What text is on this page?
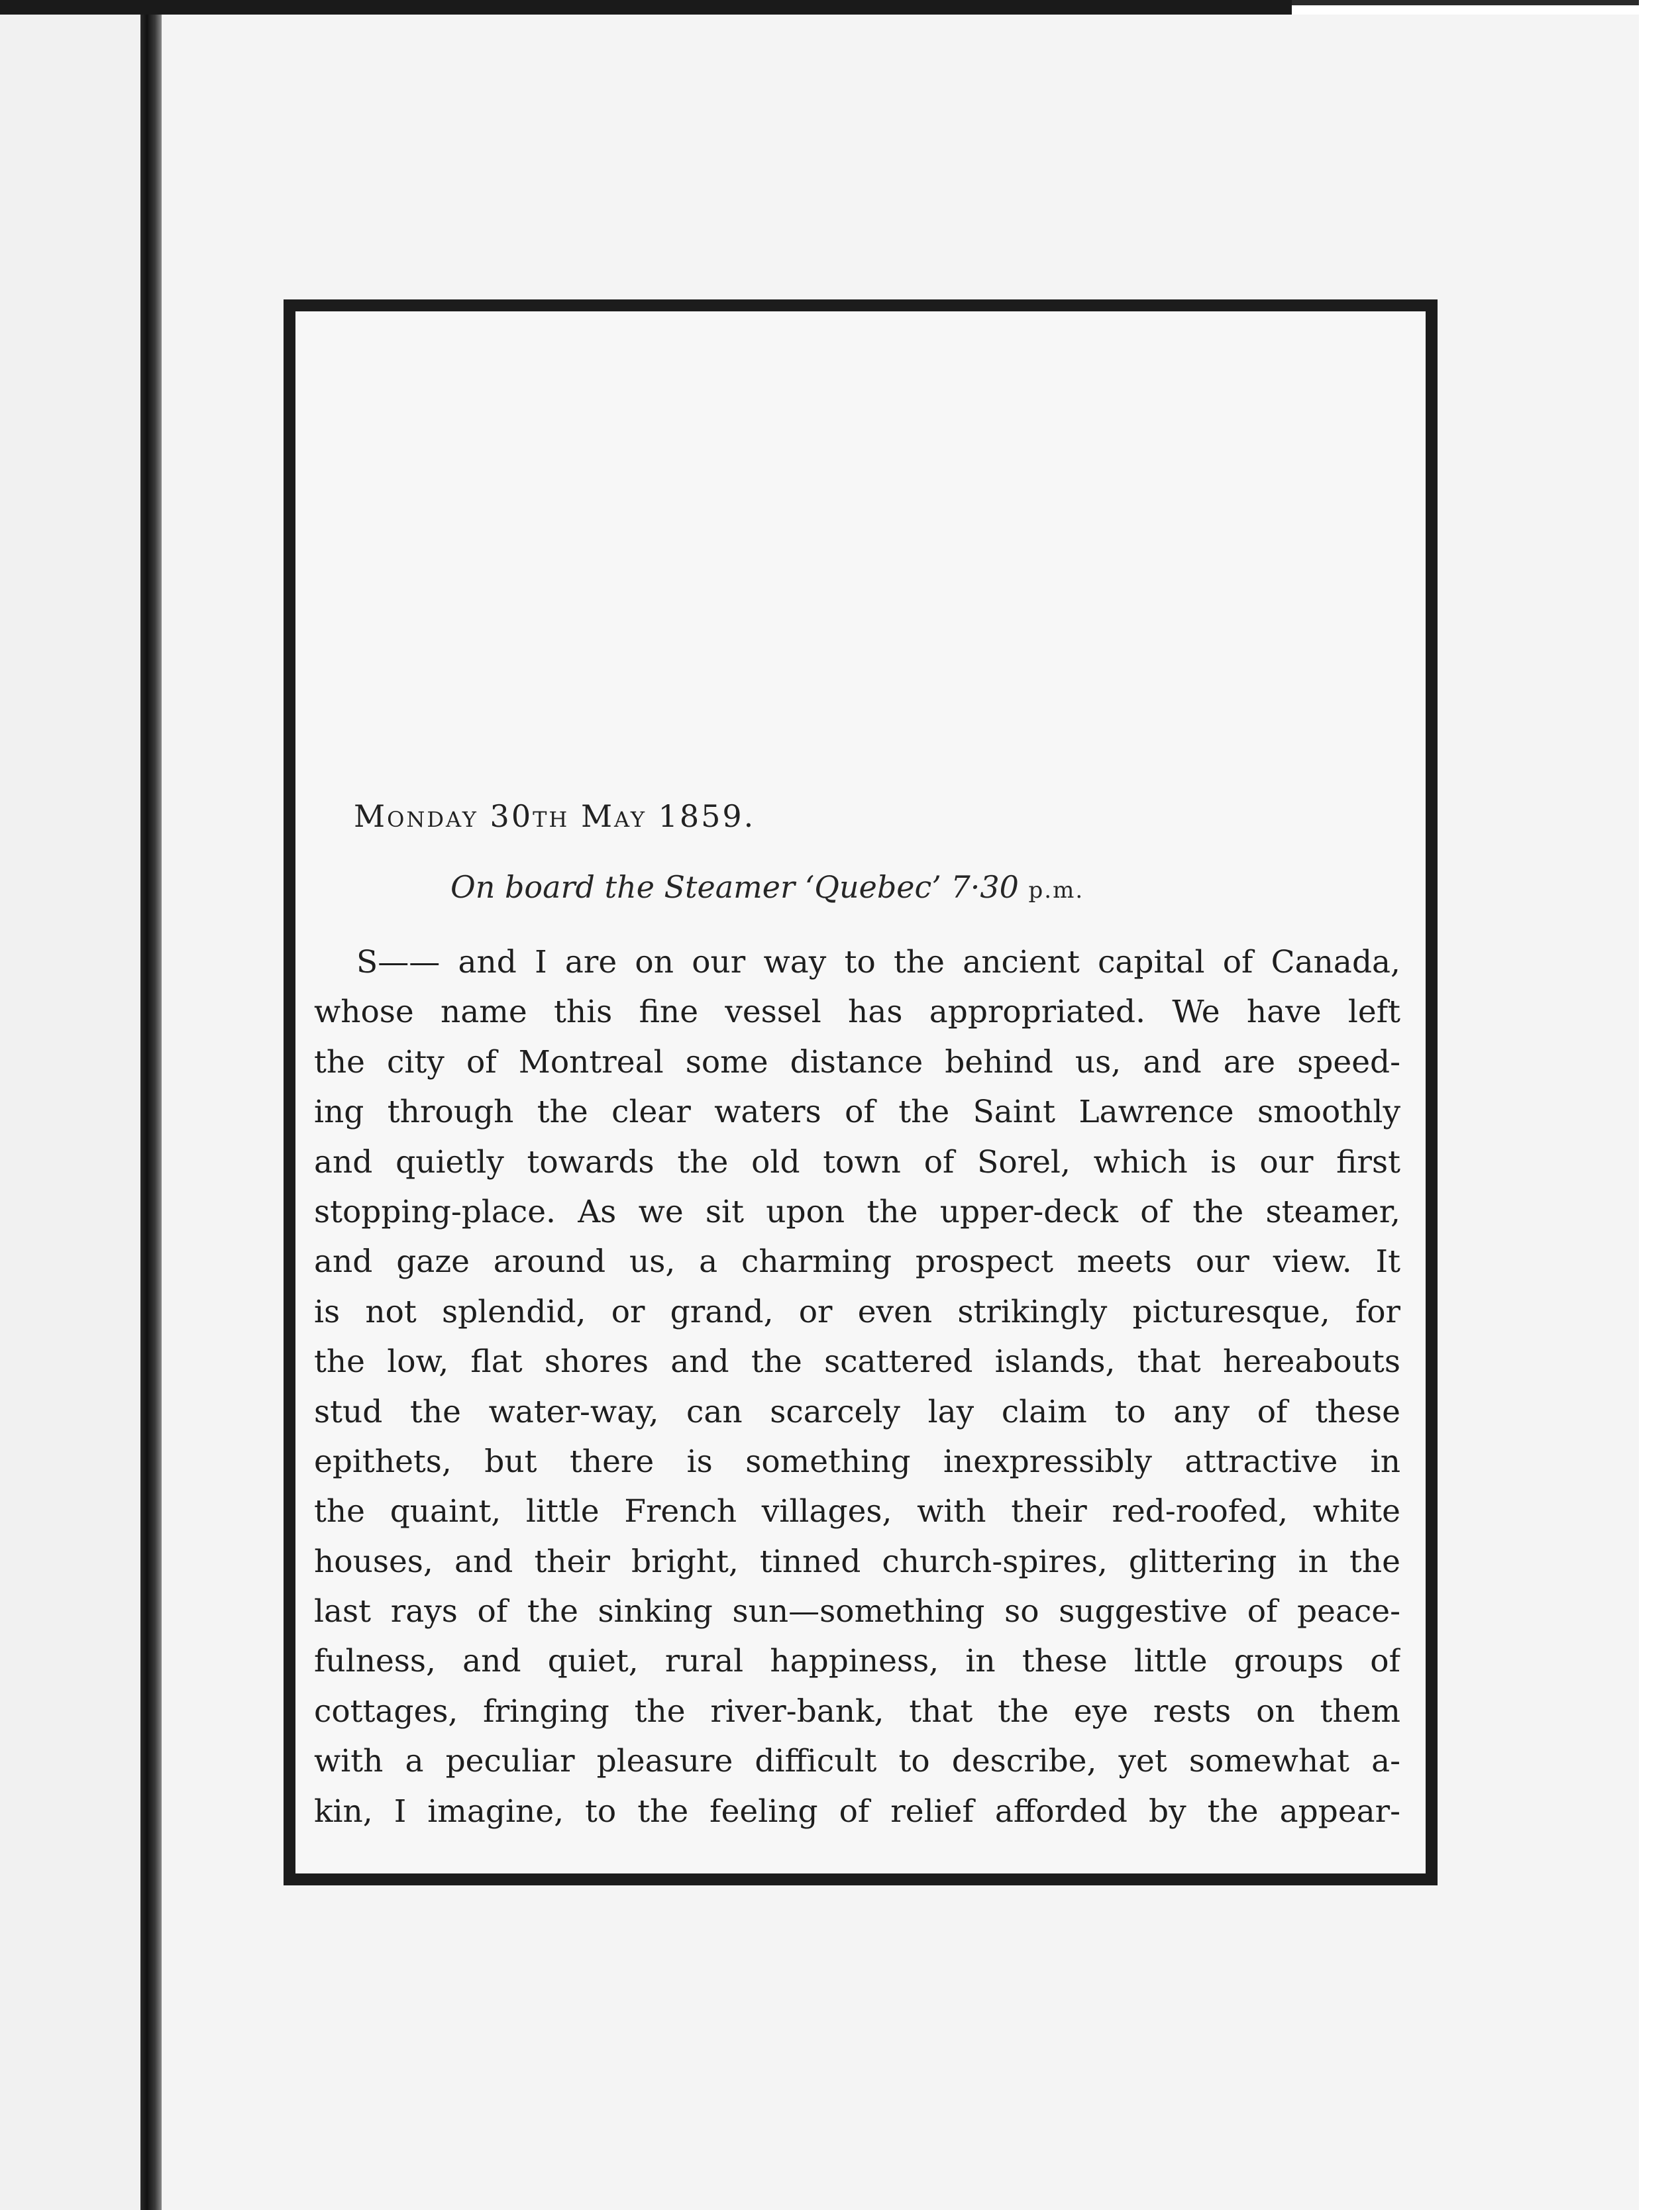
Monday 30th May 1859.
On board the Steamer ‘Quebec’ 7·30 p.m.
S—— and I are on our way to the ancient capital of Canada,
whose name this fine vessel has appropriated. We have left
the city of Montreal some distance behind us, and are speed-
ing through the clear waters of the Saint Lawrence smoothly
and quietly towards the old town of Sorel, which is our first
stopping-place. As we sit upon the upper-deck of the steamer,
and gaze around us, a charming prospect meets our view. It
is not splendid, or grand, or even strikingly picturesque, for
the low, flat shores and the scattered islands, that hereabouts
stud the water-way, can scarcely lay claim to any of these
epithets, but there is something inexpressibly attractive in
the quaint, little French villages, with their red-roofed, white
houses, and their bright, tinned church-spires, glittering in the
last rays of the sinking sun—something so suggestive of peace-
fulness, and quiet, rural happiness, in these little groups of
cottages, fringing the river-bank, that the eye rests on them
with a peculiar pleasure difficult to describe, yet somewhat a-
kin, I imagine, to the feeling of relief afforded by the appear-
